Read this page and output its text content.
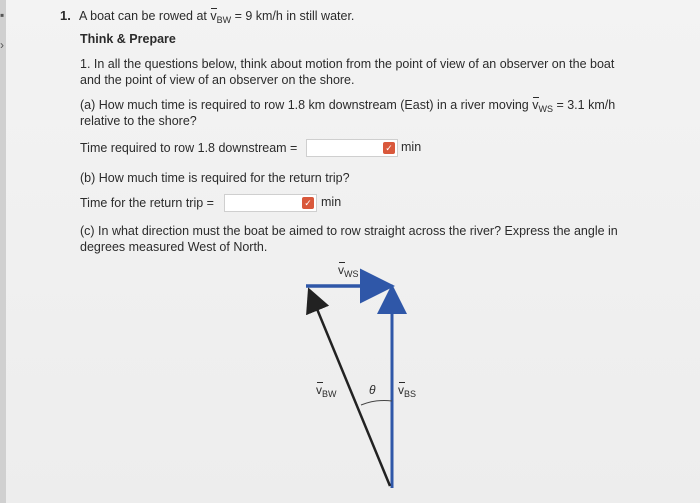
▪
›
1. A boat can be rowed at $v_{BW} = 9$ km/h in still water.
Think & Prepare
1. In all the questions below, think about motion from the point of view of an observer on the boat
and the point of view of an observer on the shore.
(a) How much time is required to row 1.8 km downstream (East) in a river moving $v_{WS} = 3.1$ km/h
relative to the shore?
Time required to row 1.8 downstream =	✓ min
(b) How much time is required for the return trip?
Time for the return trip =	✓ min
(c) In what direction must the boat be aimed to row straight across the river? Express the angle in
degrees measured West of North.
$v_{WS}$
$v_{BW}$	θ $v_{BS}$
